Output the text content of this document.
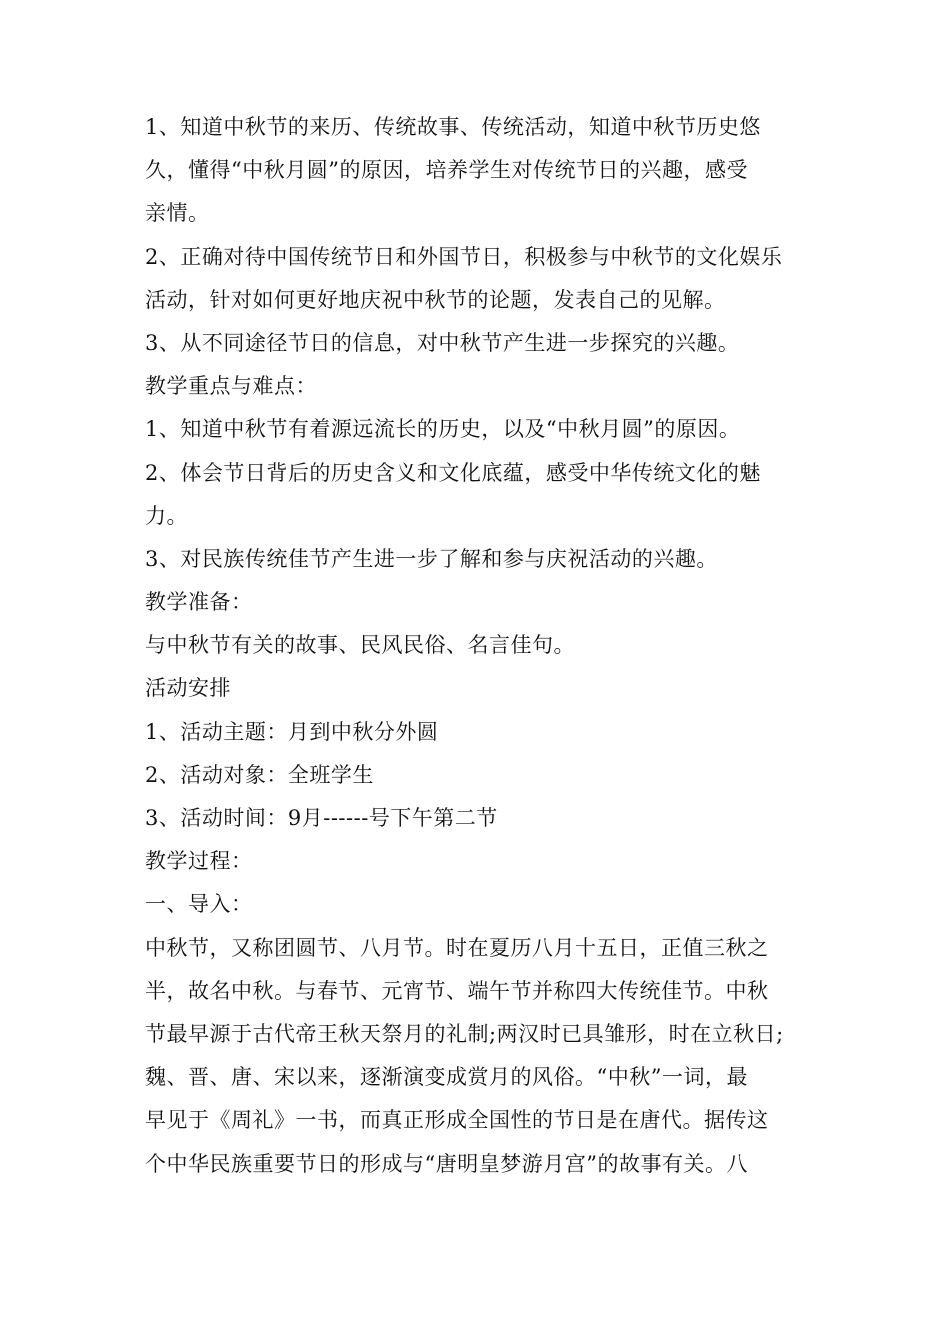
1、知道中秋节的来历、传统故事、传统活动，知道中秋节历史悠
久，懂得“中秋月圆”的原因，培养学生对传统节日的兴趣，感受
亲情。
2、正确对待中国传统节日和外国节日，积极参与中秋节的文化娱乐
活动，针对如何更好地庆祝中秋节的论题，发表自己的见解。
3、从不同途径节日的信息，对中秋节产生进一步探究的兴趣。
教学重点与难点：
1、知道中秋节有着源远流长的历史，以及“中秋月圆”的原因。
2、体会节日背后的历史含义和文化底蕴，感受中华传统文化的魅
力。
3、对民族传统佳节产生进一步了解和参与庆祝活动的兴趣。
教学准备：
与中秋节有关的故事、民风民俗、名言佳句。
活动安排
1、活动主题：月到中秋分外圆
2、活动对象：全班学生
3、活动时间：9月------号下午第二节
教学过程：
一、导入：
中秋节，又称团圆节、八月节。时在夏历八月十五日，正值三秋之
半，故名中秋。与春节、元宵节、端午节并称四大传统佳节。中秋
节最早源于古代帝王秋天祭月的礼制;两汉时已具雏形，时在立秋日;
魏、晋、唐、宋以来，逐渐演变成赏月的风俗。“中秋”一词，最
早见于《周礼》一书，而真正形成全国性的节日是在唐代。据传这
个中华民族重要节日的形成与“唐明皇梦游月宫”的故事有关。八
